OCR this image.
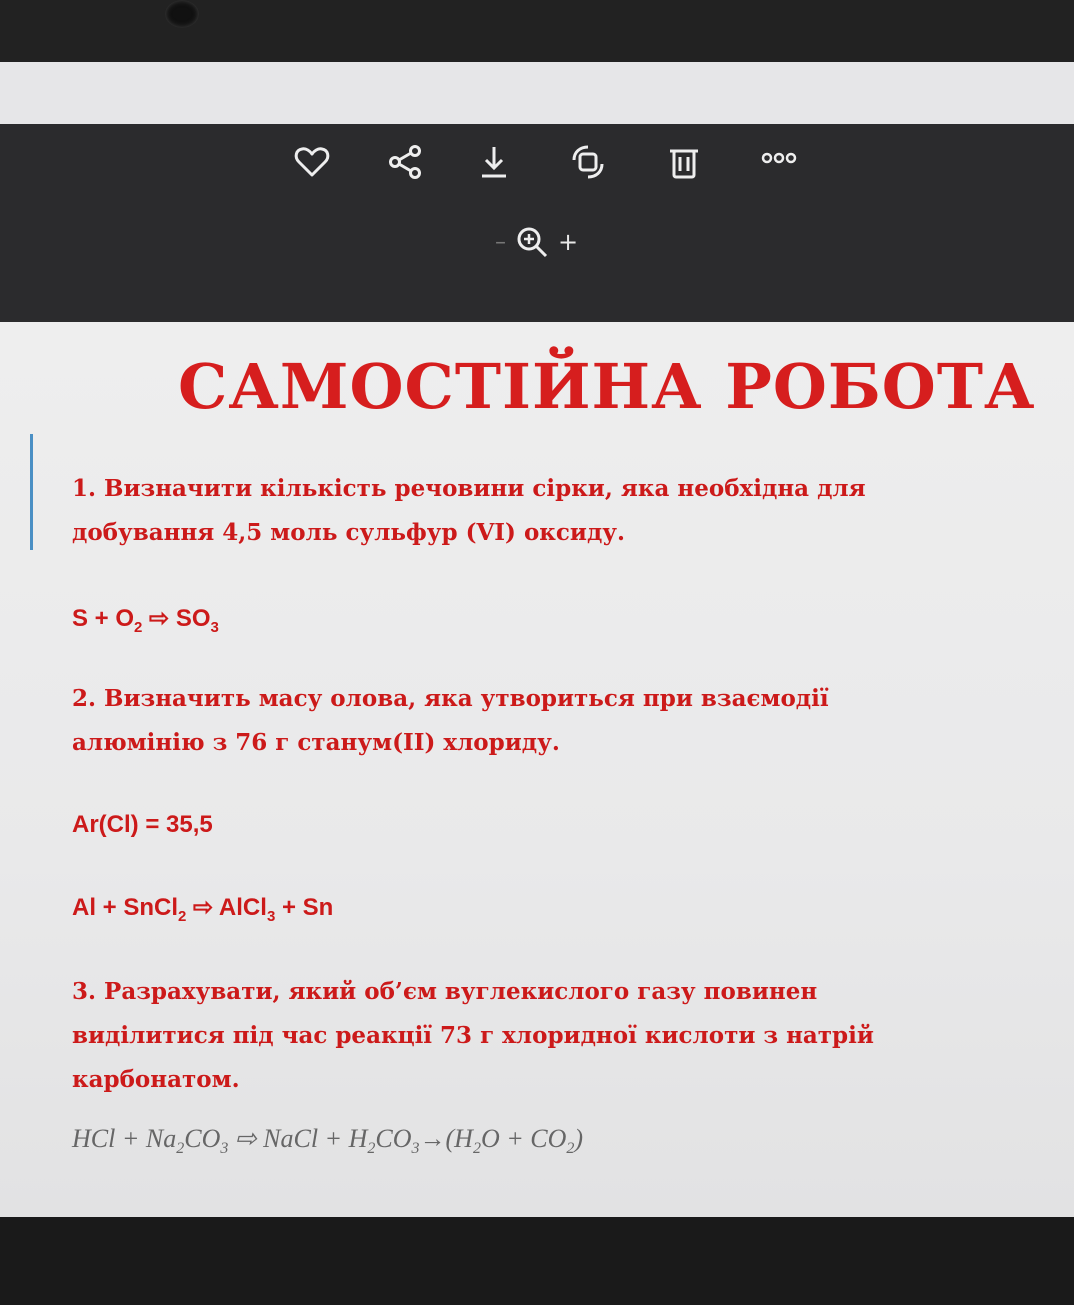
– +
САМОСТІЙНА РОБОТА
1. Визначити кількість речовини сірки, яка необхідна для
добування 4,5 моль сульфур (VI) оксиду.
$S + O_2$ ⇨ $SO_3$
2. Визначить масу олова, яка утвориться при взаємодії
алюмінію з 76 г станум(II) хлориду.
Ar(Cl) = 35,5
Al + SnCl$_2$ ⇨ AlCl$_3$ + Sn
3. Разрахувати, який об’єм вуглекислого газу повинен
виділитися під час реакції 73 г хлоридної кислоти з натрій
карбонатом.
HCl + $Na_2CO_3$ ⇨ NaCl + $H_2CO_3\to(H_2O + CO_2)$
